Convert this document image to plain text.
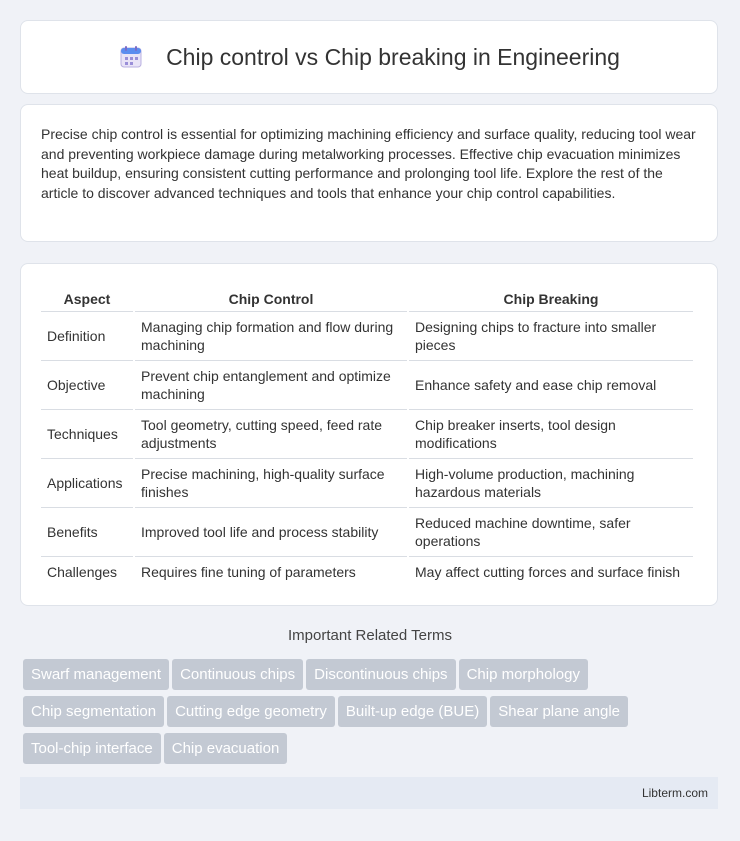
Chip control vs Chip breaking in Engineering

Precise chip control is essential for optimizing machining efficiency and surface quality, reducing tool wear and preventing workpiece damage during metalworking processes. Effective chip evacuation minimizes heat buildup, ensuring consistent cutting performance and prolonging tool life. Explore the rest of the article to discover advanced techniques and tools that enhance your chip control capabilities.

Aspect	Chip Control	Chip Breaking
Definition	Managing chip formation and flow during machining	Designing chips to fracture into smaller pieces
Objective	Prevent chip entanglement and optimize machining	Enhance safety and ease chip removal
Techniques	Tool geometry, cutting speed, feed rate adjustments	Chip breaker inserts, tool design modifications
Applications	Precise machining, high-quality surface finishes	High-volume production, machining hazardous materials
Benefits	Improved tool life and process stability	Reduced machine downtime, safer operations
Challenges	Requires fine tuning of parameters	May affect cutting forces and surface finish
Important Related Terms
Swarf management Continuous chips Discontinuous chips Chip morphology
Chip segmentation Cutting edge geometry Built-up edge (BUE) Shear plane angle
Tool-chip interface Chip evacuation
Libterm.com
